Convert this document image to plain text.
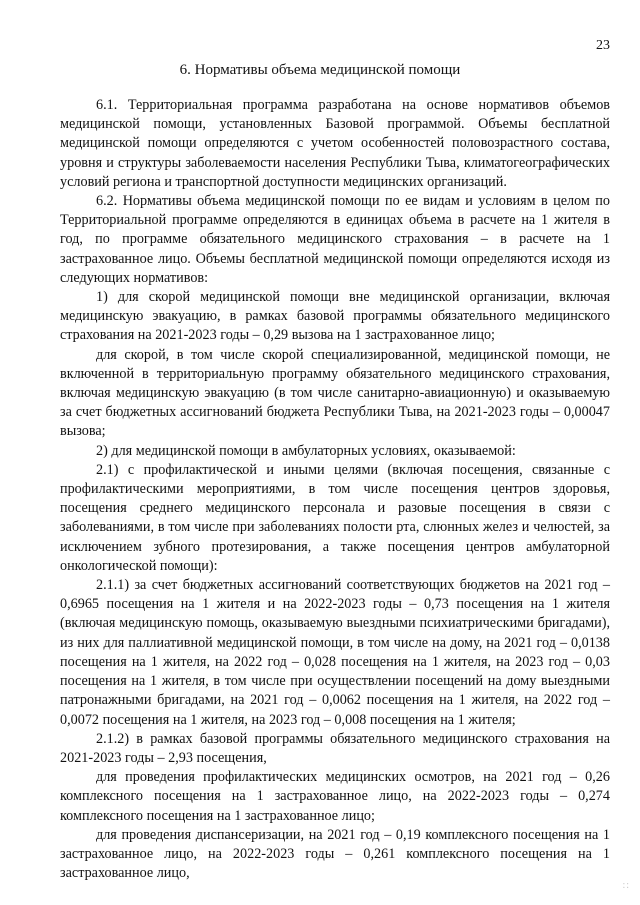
23
6. Нормативы объема медицинской помощи

6.1. Территориальная программа разработана на основе нормативов объемов медицинской помощи, установленных Базовой программой. Объемы бесплатной медицинской помощи определяются с учетом особенностей половозрастного состава, уровня и структуры заболеваемости населения Республики Тыва, климатогеографических условий региона и транспортной доступности медицинских организаций.

6.2. Нормативы объема медицинской помощи по ее видам и условиям в целом по Территориальной программе определяются в единицах объема в расчете на 1 жителя в год, по программе обязательного медицинского страхования – в расчете на 1 застрахованное лицо. Объемы бесплатной медицинской помощи определяются исходя из следующих нормативов:

1) для скорой медицинской помощи вне медицинской организации, включая медицинскую эвакуацию, в рамках базовой программы обязательного медицинского страхования на 2021-2023 годы – 0,29 вызова на 1 застрахованное лицо;

для скорой, в том числе скорой специализированной, медицинской помощи, не включенной в территориальную программу обязательного медицинского страхования, включая медицинскую эвакуацию (в том числе санитарно-авиационную) и оказываемую за счет бюджетных ассигнований бюджета Республики Тыва, на 2021-2023 годы – 0,00047 вызова;

2) для медицинской помощи в амбулаторных условиях, оказываемой:

2.1) с профилактической и иными целями (включая посещения, связанные с профилактическими мероприятиями, в том числе посещения центров здоровья, посещения среднего медицинского персонала и разовые посещения в связи с заболеваниями, в том числе при заболеваниях полости рта, слюнных желез и челюстей, за исключением зубного протезирования, а также посещения центров амбулаторной онкологической помощи):

2.1.1) за счет бюджетных ассигнований соответствующих бюджетов на 2021 год – 0,6965 посещения на 1 жителя и на 2022-2023 годы – 0,73 посещения на 1 жителя (включая медицинскую помощь, оказываемую выездными психиатрическими бригадами), из них для паллиативной медицинской помощи, в том числе на дому, на 2021 год – 0,0138 посещения на 1 жителя, на 2022 год – 0,028 посещения на 1 жителя, на 2023 год – 0,03 посещения на 1 жителя, в том числе при осуществлении посещений на дому выездными патронажными бригадами, на 2021 год – 0,0062 посещения на 1 жителя, на 2022 год – 0,0072 посещения на 1 жителя, на 2023 год – 0,008 посещения на 1 жителя;

2.1.2) в рамках базовой программы обязательного медицинского страхования на 2021-2023 годы – 2,93 посещения,

для проведения профилактических медицинских осмотров, на 2021 год – 0,26 комплексного посещения на 1 застрахованное лицо, на 2022-2023 годы – 0,274 комплексного посещения на 1 застрахованное лицо;

для проведения диспансеризации, на 2021 год – 0,19 комплексного посещения на 1 застрахованное лицо, на 2022-2023 годы – 0,261 комплексного посещения на 1 застрахованное лицо,

::
